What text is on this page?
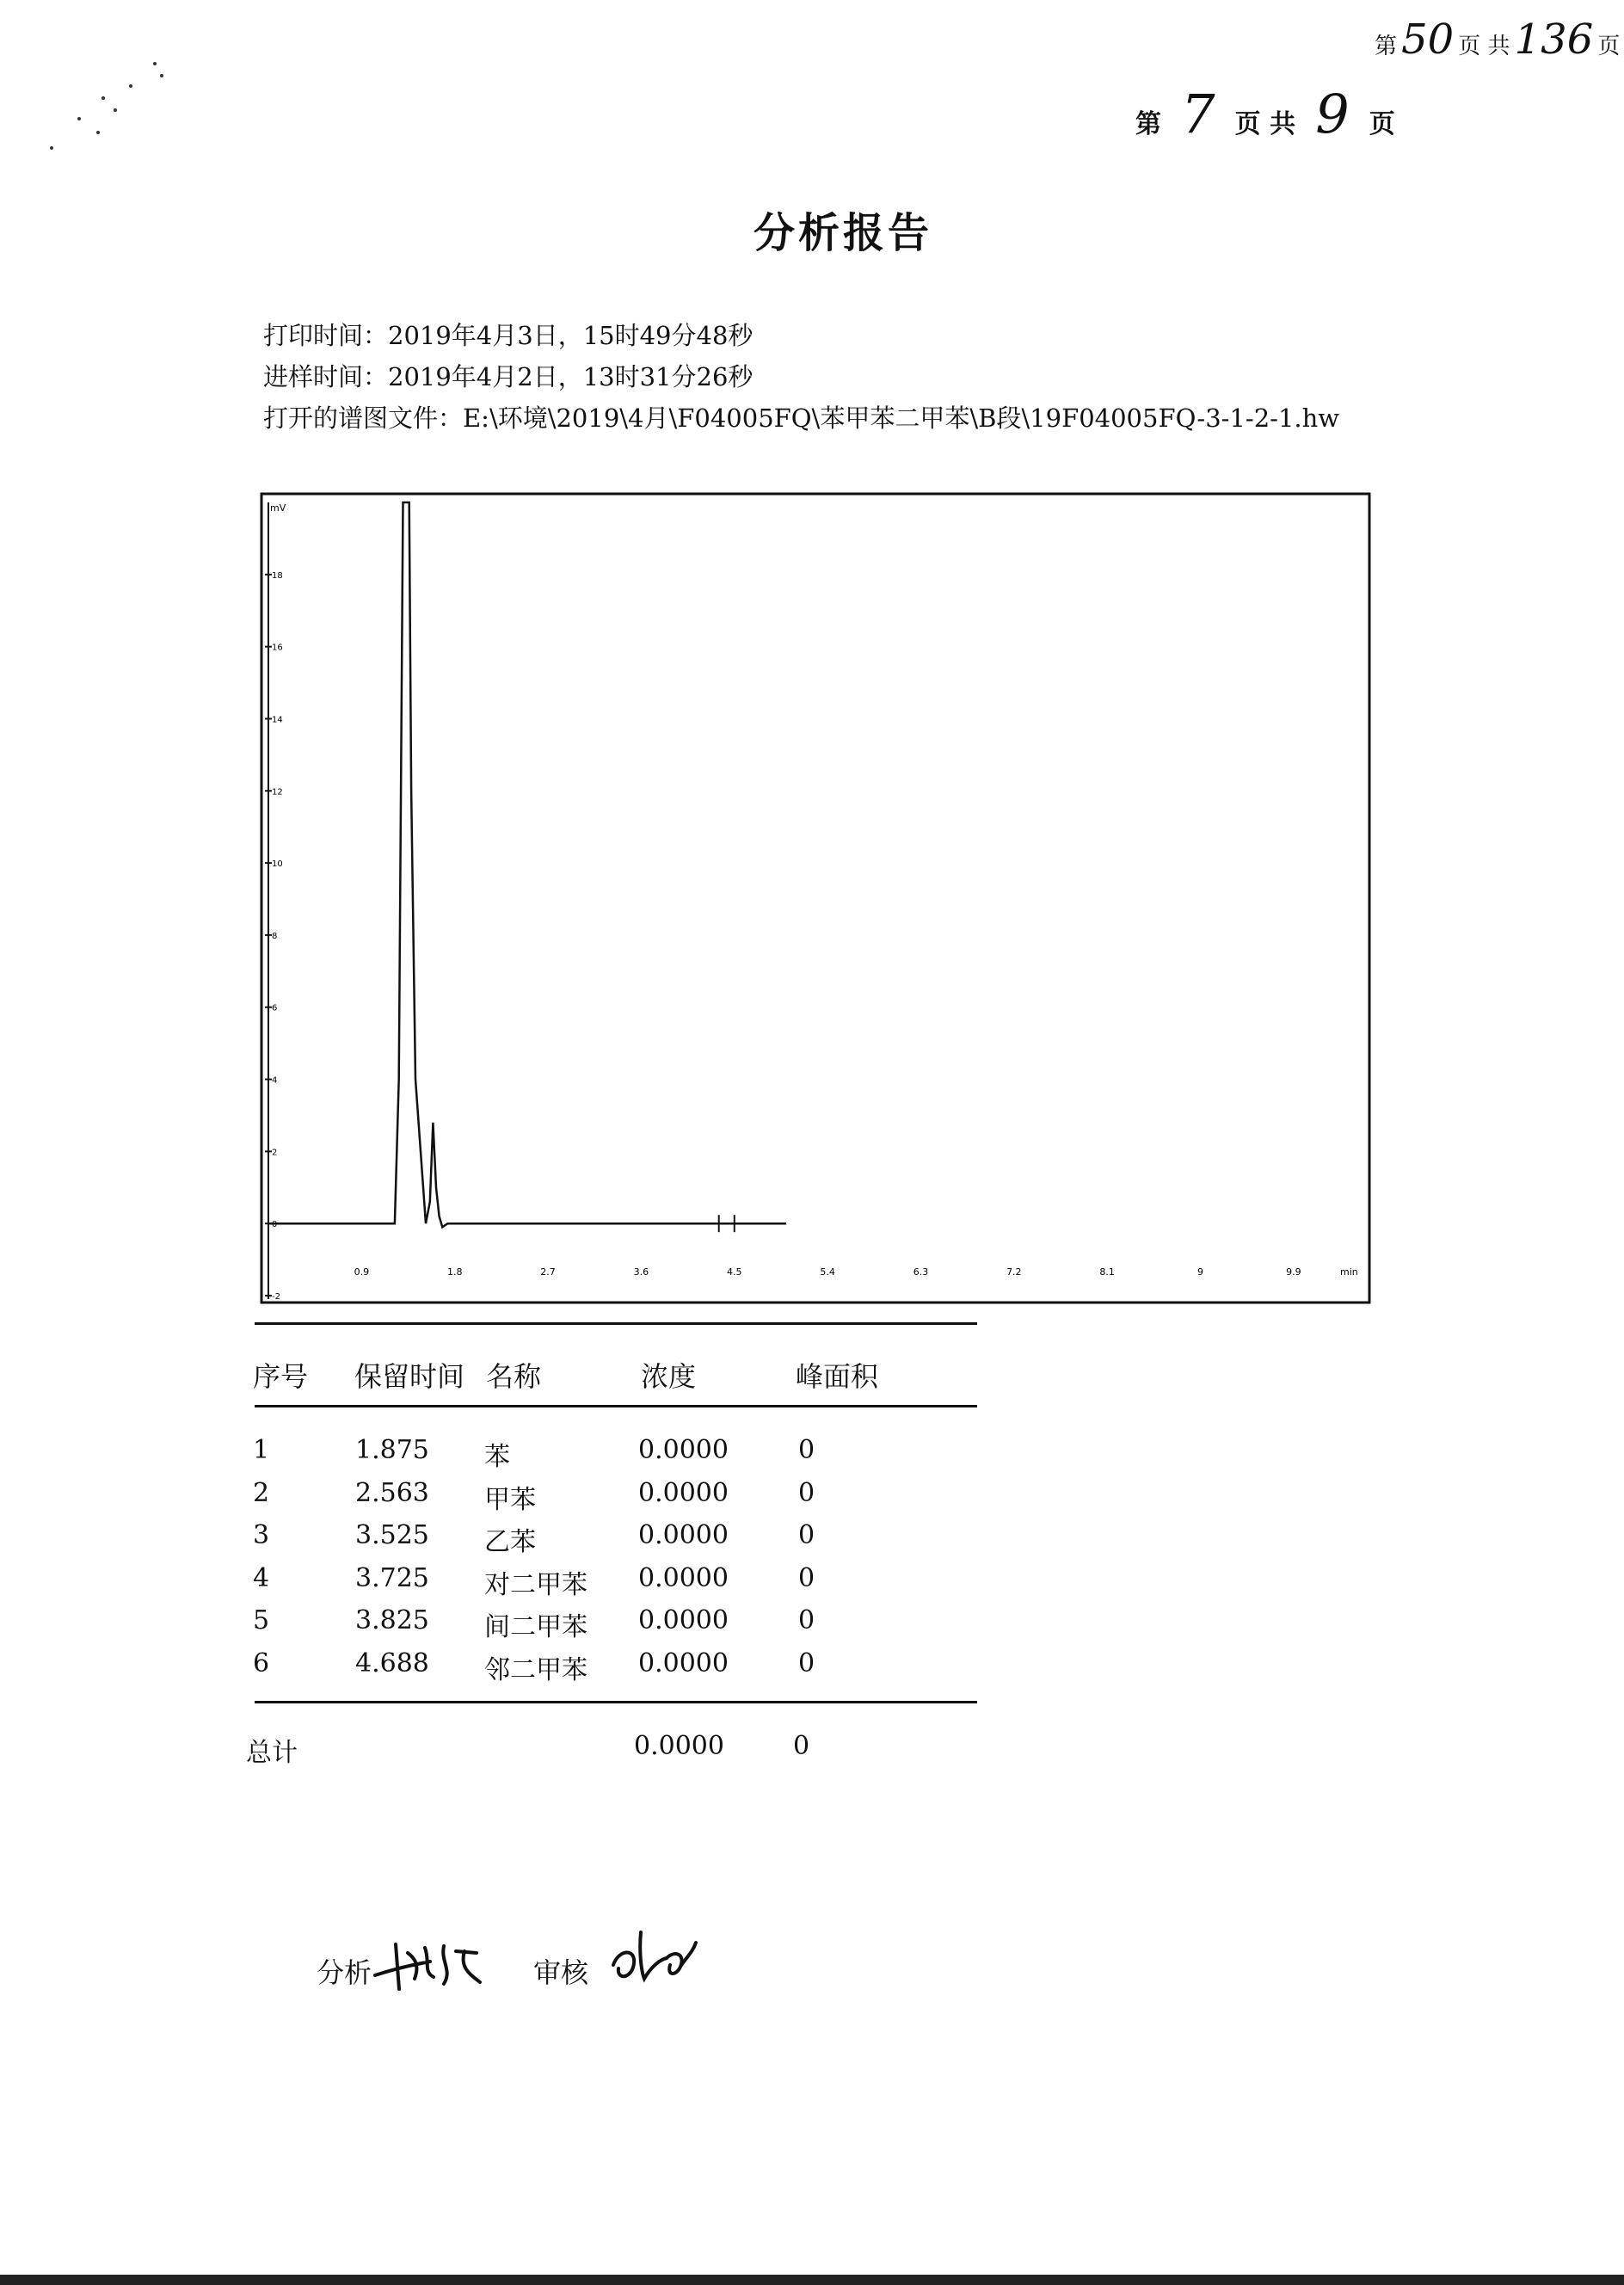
第 50 页 共 136 页
第 7 页 共 9 页
分析报告
打印时间：2019年4月3日，15时49分48秒
进样时间：2019年4月2日，13时31分26秒
打开的谱图文件：E:\环境\2019\4月\F04005FQ\苯甲苯二甲苯\B段\19F04005FQ-3-1-2-1.hw
-2
0
2
4
6
8
10
12
14
16
18
0.9	1.8	2.7	3.6	4.5	5.4	6.3	7.2	8.1	9	9.9
mV
min
序号 保留时间 名称	浓度	峰面积
1	1.875 苯	0.0000	0
2	2.563 甲苯	0.0000	0
3	3.525 乙苯	0.0000	0
4	3.725 对二甲苯 0.0000	0
5	3.825 间二甲苯 0.0000	0
6	4.688 邻二甲苯 0.0000	0
总计	0.0000	0
分析	审核
